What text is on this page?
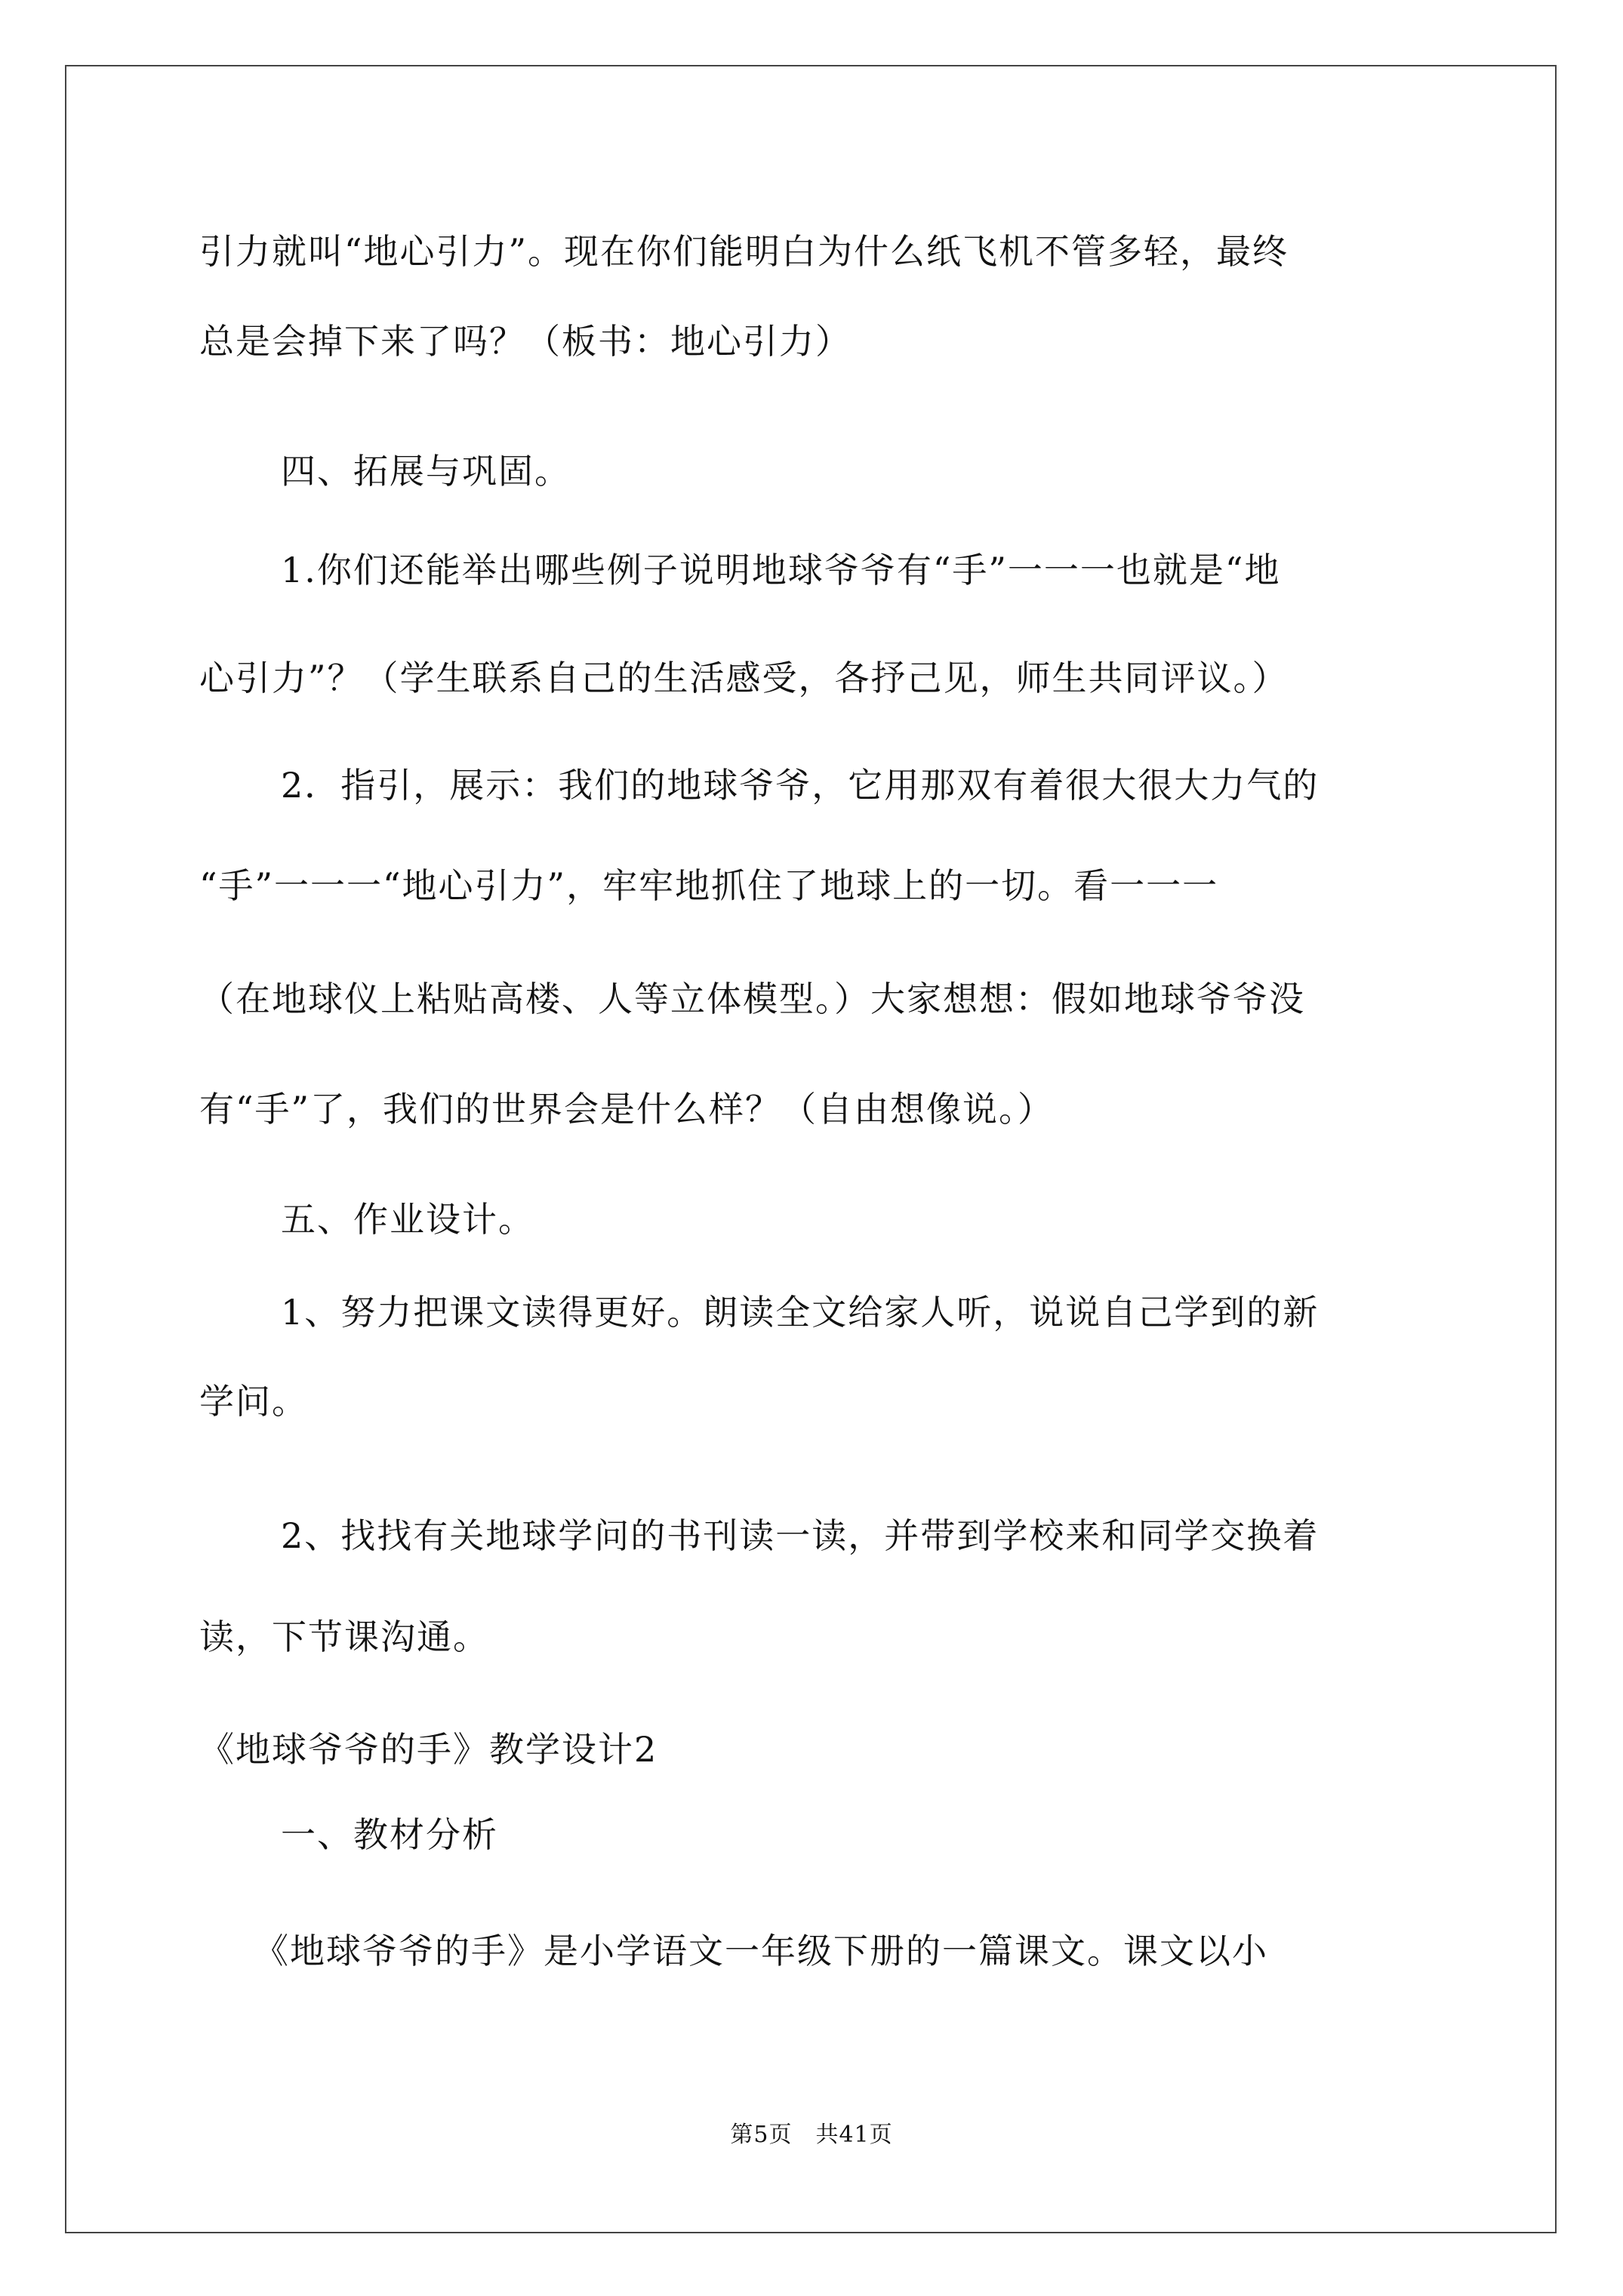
引力就叫“地心引力”。现在你们能明白为什么纸飞机不管多轻，最终
总是会掉下来了吗？（板书：地心引力）
四、拓展与巩固。
1.你们还能举出哪些例子说明地球爷爷有“手”一一一也就是“地
心引力”？（学生联系自己的生活感受，各抒己见，师生共同评议。）
2．指引，展示：我们的地球爷爷，它用那双有着很大很大力气的
“手”一一一“地心引力”，牢牢地抓住了地球上的一切。看一一一
（在地球仪上粘贴高楼、人等立体模型。）大家想想：假如地球爷爷没
有“手”了，我们的世界会是什么样？（自由想像说。）
五、作业设计。
1、努力把课文读得更好。朗读全文给家人听，说说自己学到的新
学问。
2、找找有关地球学问的书刊读一读，并带到学校来和同学交换着
读，下节课沟通。
《地球爷爷的手》教学设计2
一、教材分析
《地球爷爷的手》是小学语文一年级下册的一篇课文。课文以小
第5页　共41页
